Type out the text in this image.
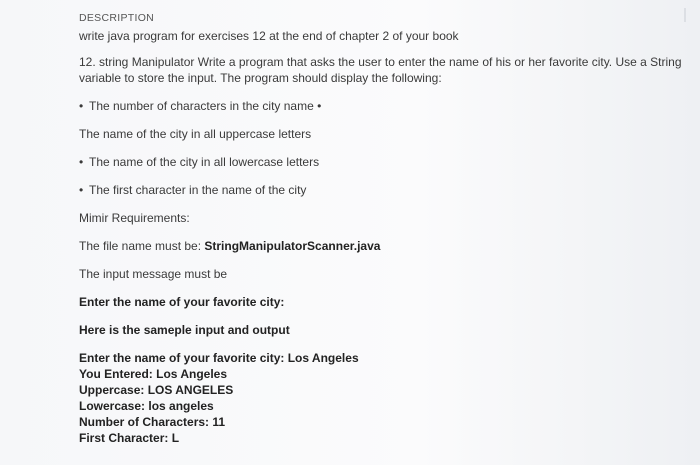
DESCRIPTION
write java program for exercises 12 at the end of chapter 2 of your book
12. string Manipulator Write a program that asks the user to enter the name of his or her favorite city. Use a String
variable to store the input. The program should display the following:
• The number of characters in the city name •
The name of the city in all uppercase letters
• The name of the city in all lowercase letters
• The first character in the name of the city
Mimir Requirements:
The file name must be: StringManipulatorScanner.java
The input message must be
Enter the name of your favorite city:
Here is the sameple input and output
Enter the name of your favorite city: Los Angeles
You Entered: Los Angeles
Uppercase: LOS ANGELES
Lowercase: los angeles
Number of Characters: 11
First Character: L
